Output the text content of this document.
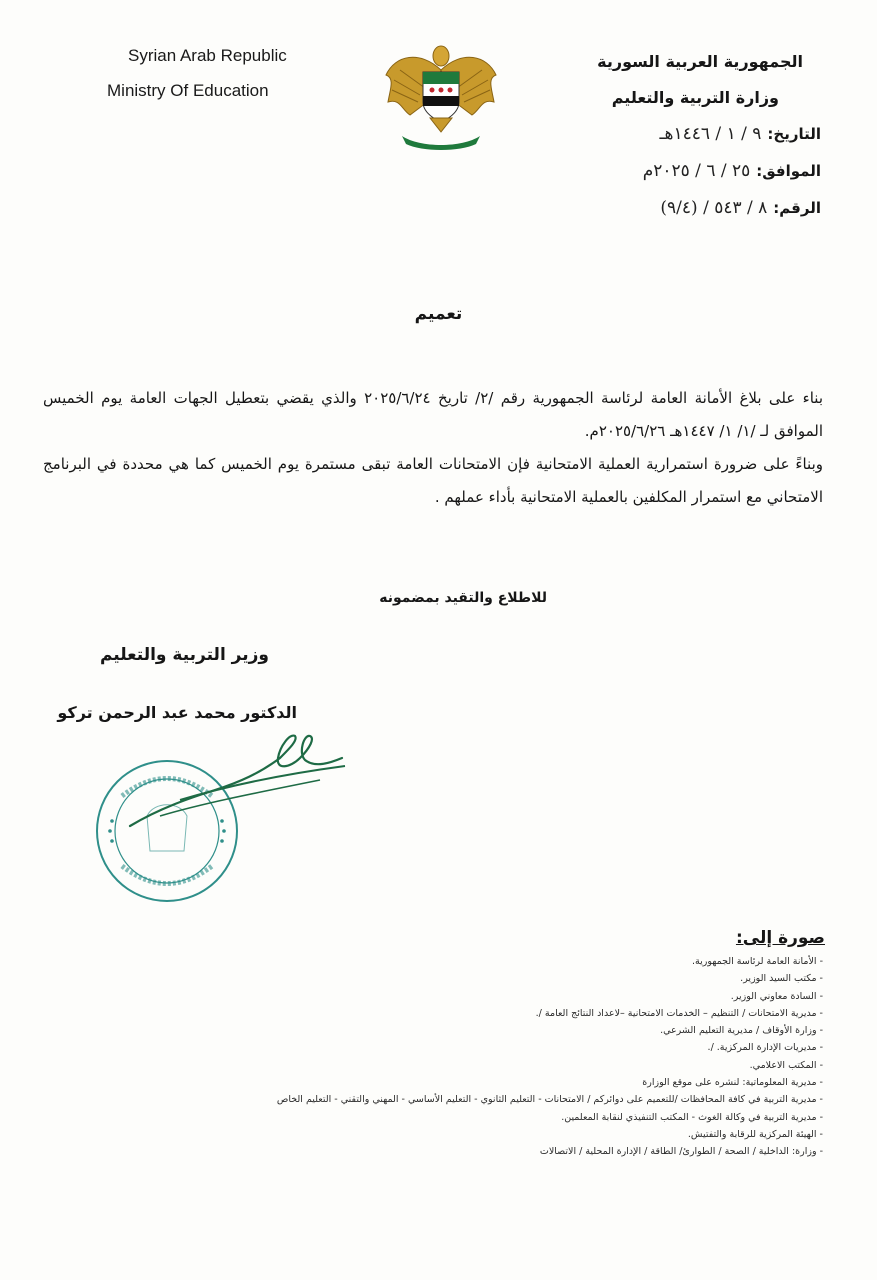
Syrian Arab Republic
Ministry Of Education
الجمهورية العربية السورية
وزارة التربية والتعليم
التاريخ:٩ / ١ / ١٤٤٦هـ
الموافق:٢٥ / ٦ / ٢٠٢٥م
الرقم:٨ / ٥٤٣ / (٩/٤)
تعميم

بناء على بلاغ الأمانة العامة لرئاسة الجمهورية رقم /٢/ تاريخ ٢٠٢٥/٦/٢٤ والذي يقضي بتعطيل الجهات العامة يوم الخميس الموافق لـ /١/ ١/ ١٤٤٧هـ ٢٠٢٥/٦/٢٦م.

وبناءً على ضرورة استمرارية العملية الامتحانية فإن الامتحانات العامة تبقى مستمرة يوم الخميس كما هي محددة في البرنامج الامتحاني مع استمرار المكلفين بالعملية الامتحانية بأداء عملهم .

للاطلاع والتقيد بمضمونه
وزير التربية والتعليم
الدكتور محمد عبد الرحمن تركو
صورة إلى:
- الأمانة العامة لرئاسة الجمهورية.
- مكتب السيد الوزير.
- السادة معاوني الوزير.
- مديرية الامتحانات / التنظيم – الخدمات الامتحانية –لاعداد النتائج العامة /.
- وزارة الأوقاف / مديرية التعليم الشرعي.
- مديريات الإدارة المركزية. /.
- المكتب الاعلامي.
- مديرية المعلوماتية: لنشره على موقع الوزارة
- مديرية التربية في كافة المحافظات /للتعميم على دوائركم / الامتحانات - التعليم الثانوي - التعليم الأساسي - المهني والتقني - التعليم الخاص
- مديرية التربية في وكالة الغوث - المكتب التنفيذي لنقابة المعلمين.
- الهيئة المركزية للرقابة والتفتيش.
- وزارة: الداخلية / الصحة / الطوارئ/ الطاقة / الإدارة المحلية / الاتصالات
